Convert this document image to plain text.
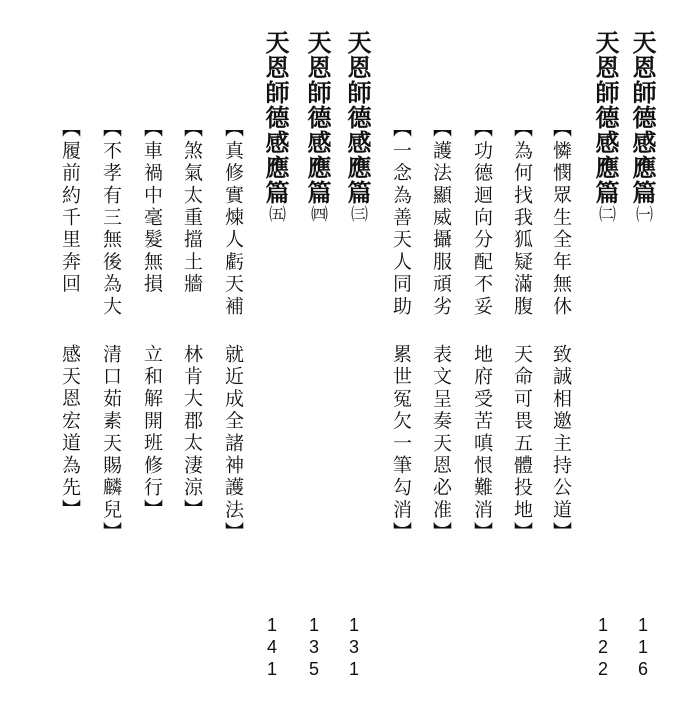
天恩師德感應篇㈠
天恩師德感應篇㈡
【憐憫眾生全年無休致誠相邀主持公道】
【為何找我狐疑滿腹天命可畏五體投地】
【功德迴向分配不妥地府受苦嗔恨難消】
【護法顯威攝服頑劣表文呈奏天恩必准】
【一念為善天人同助累世冤欠一筆勾消】
天恩師德感應篇㈢
天恩師德感應篇㈣
天恩師德感應篇㈤
【真修實煉人虧天補就近成全諸神護法】
【煞氣太重擋土牆林肯大郡太淒涼】
【車禍中毫髮無損立和解開班修行】
【不孝有三無後為大清口茹素天賜麟兒】
【履前約千里奔回感天恩宏道為先】
1
1
6
1
2
2
1
3
1
1
3
5
1
4
1
